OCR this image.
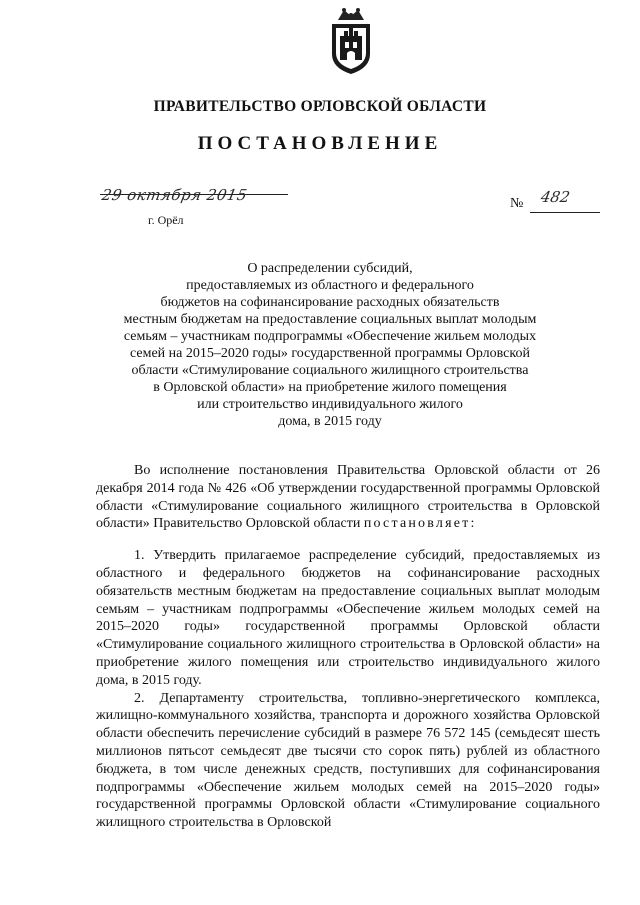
ПРАВИТЕЛЬСТВО ОРЛОВСКОЙ ОБЛАСТИ
ПОСТАНОВЛЕНИЕ
29 октября 2015
г. Орёл
№ 482
О распределении субсидий,
предоставляемых из областного и федерального
бюджетов на софинансирование расходных обязательств
местным бюджетам на предоставление социальных выплат молодым
семьям – участникам подпрограммы «Обеспечение жильем молодых
семей на 2015–2020 годы» государственной программы Орловской
области «Стимулирование социального жилищного строительства
в Орловской области» на приобретение жилого помещения
или строительство индивидуального жилого
дома, в 2015 году

Во исполнение постановления Правительства Орловской области от 26 декабря 2014 года № 426 «Об утверждении государственной программы Орловской области «Стимулирование социального жилищного строительства в Орловской области» Правительство Орловской области постановляет:

1. Утвердить прилагаемое распределение субсидий, предоставляемых из областного и федерального бюджетов на софинансирование расходных обязательств местным бюджетам на предоставление социальных выплат молодым семьям – участникам подпрограммы «Обеспечение жильем молодых семей на 2015–2020 годы» государственной программы Орловской области «Стимулирование социального жилищного строительства в Орловской области» на приобретение жилого помещения или строительство индивидуального жилого дома, в 2015 году.

2. Департаменту строительства, топливно-энергетического комплекса, жилищно-коммунального хозяйства, транспорта и дорожного хозяйства Орловской области обеспечить перечисление субсидий в размере 76 572 145 (семьдесят шесть миллионов пятьсот семьдесят две тысячи сто сорок пять) рублей из областного бюджета, в том числе денежных средств, поступивших для софинансирования подпрограммы «Обеспечение жильем молодых семей на 2015–2020 годы» государственной программы Орловской области «Стимулирование социального жилищного строительства в Орловской
